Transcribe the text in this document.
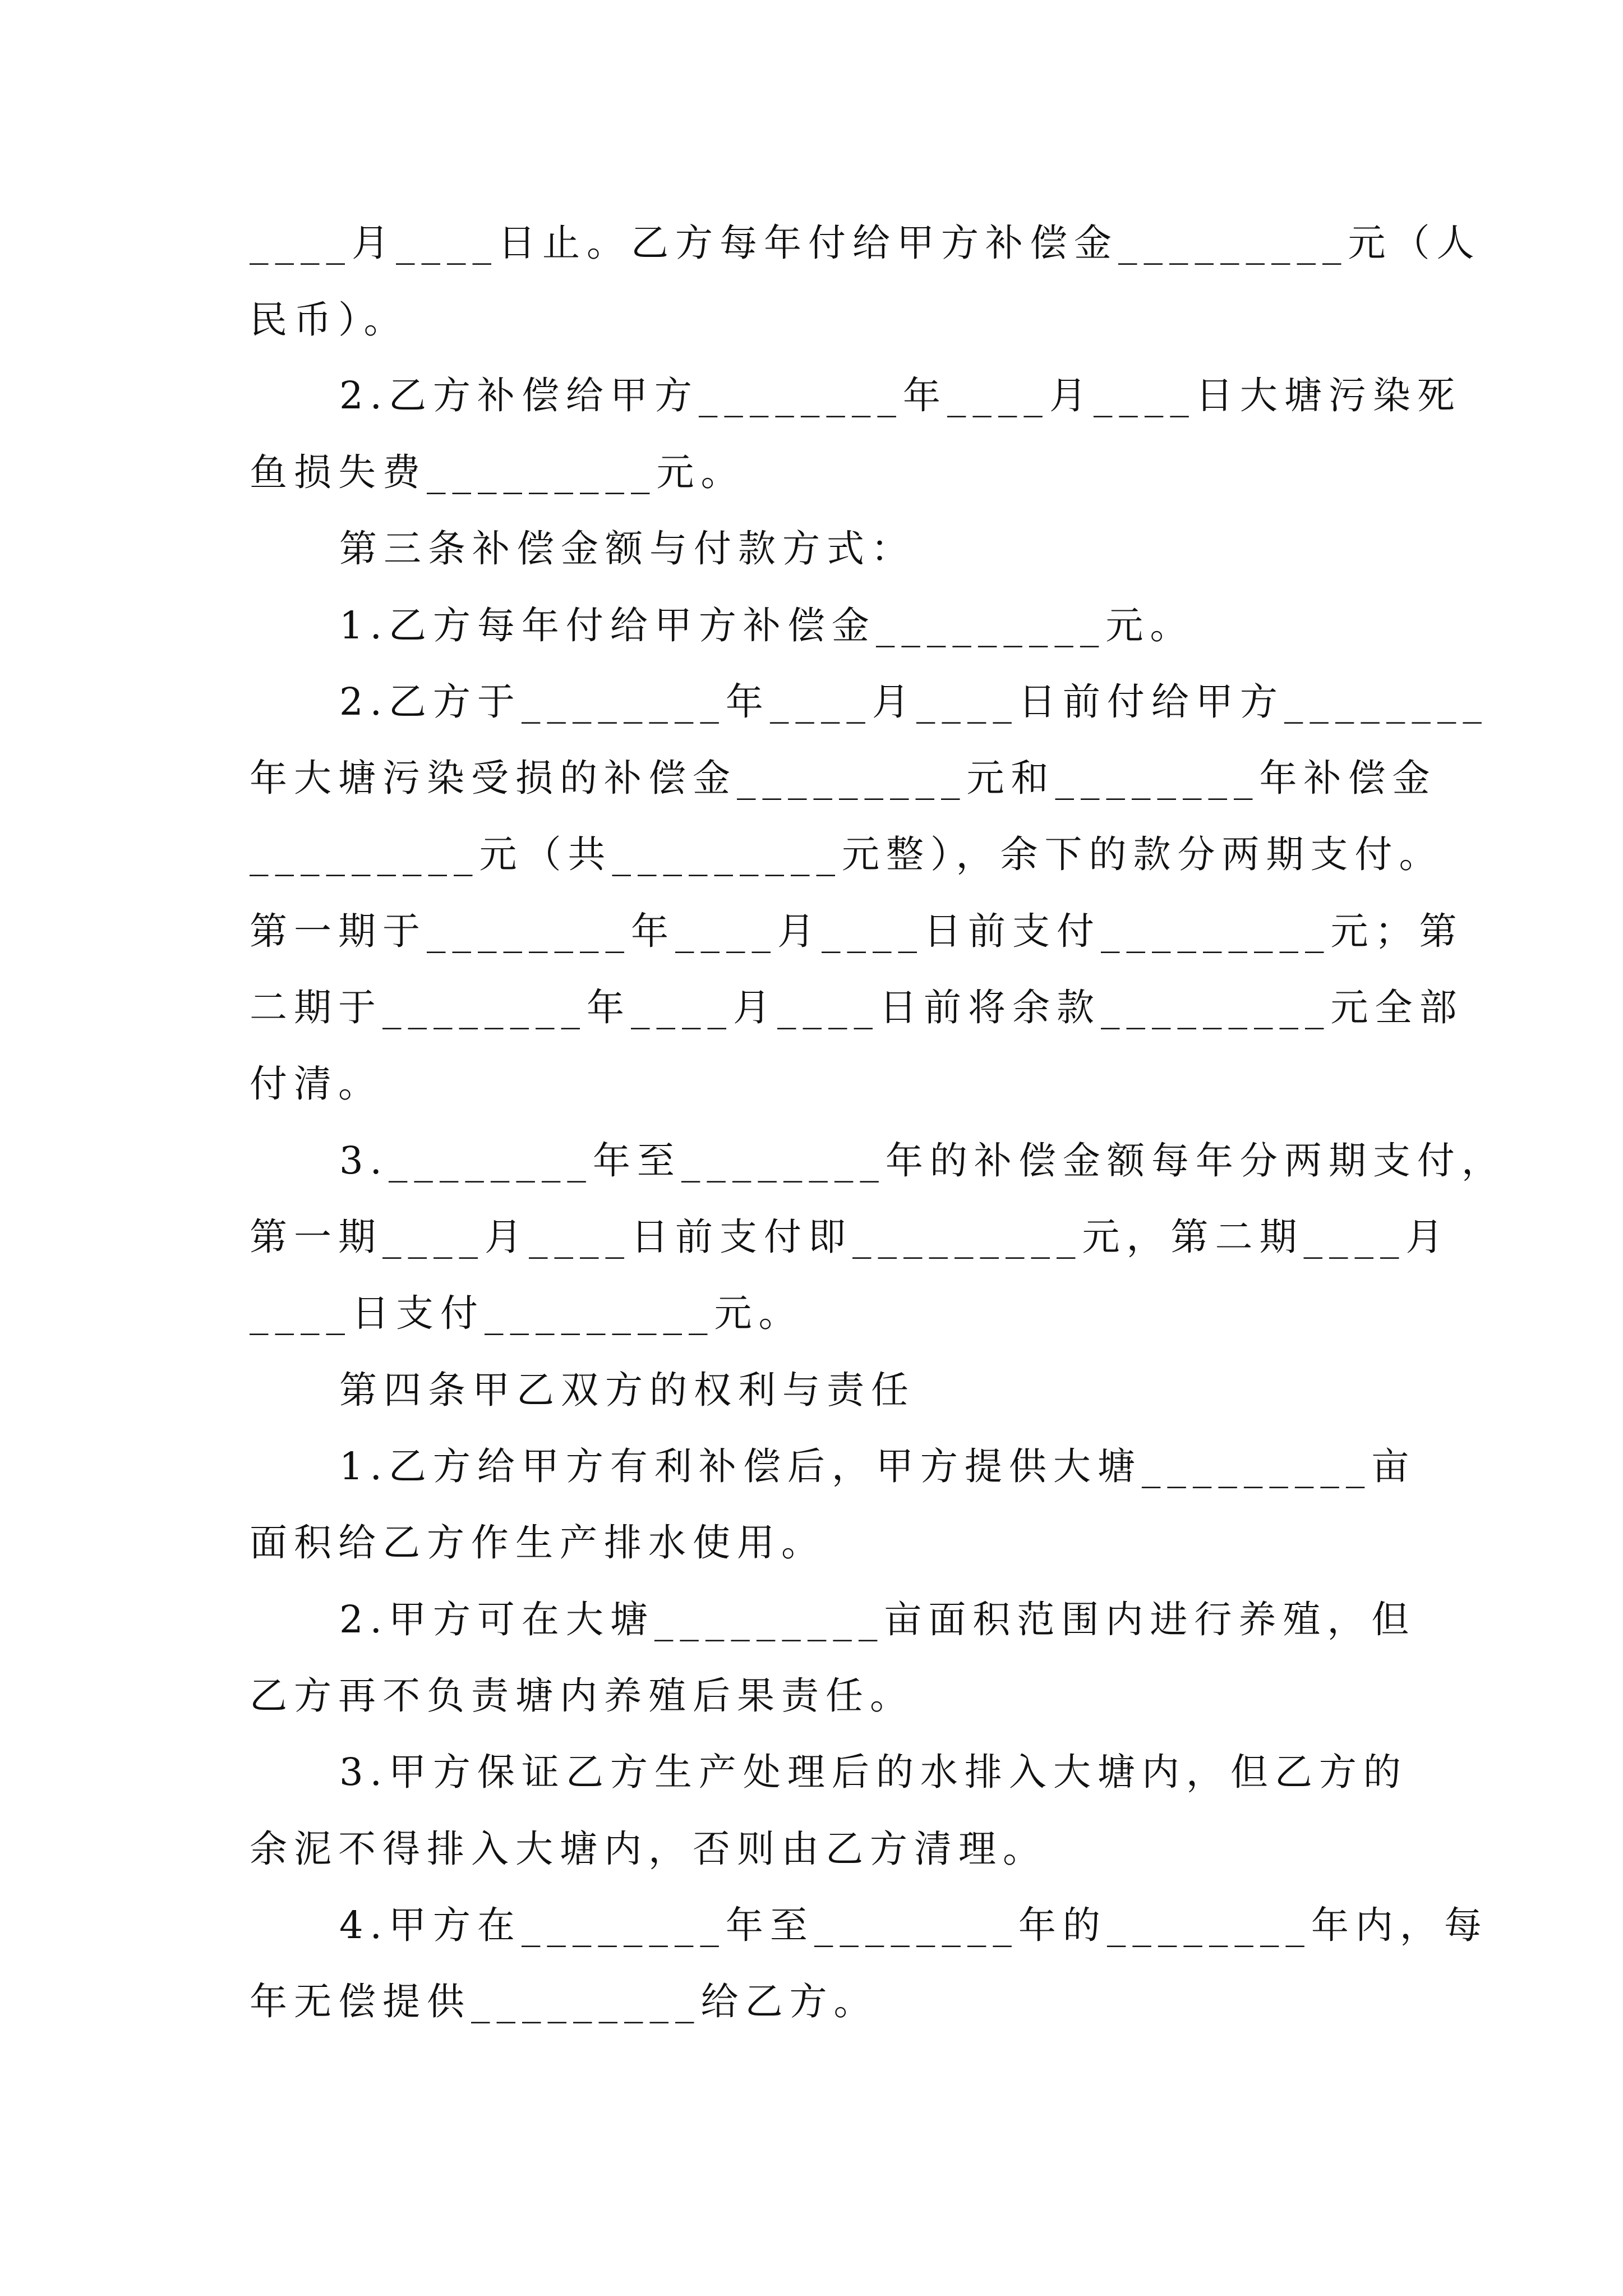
____月____日止。乙方每年付给甲方补偿金_________元（人
民币）。
2.乙方补偿给甲方________年____月____日大塘污染死
鱼损失费_________元。
第三条补偿金额与付款方式：
1.乙方每年付给甲方补偿金_________元。
2.乙方于________年____月____日前付给甲方________
年大塘污染受损的补偿金_________元和________年补偿金
_________元（共_________元整），余下的款分两期支付。
第一期于________年____月____日前支付_________元；第
二期于________年____月____日前将余款_________元全部
付清。
3.________年至________年的补偿金额每年分两期支付，
第一期____月____日前支付即_________元，第二期____月
____日支付_________元。
第四条甲乙双方的权利与责任
1.乙方给甲方有利补偿后，甲方提供大塘_________亩
面积给乙方作生产排水使用。
2.甲方可在大塘_________亩面积范围内进行养殖，但
乙方再不负责塘内养殖后果责任。
3.甲方保证乙方生产处理后的水排入大塘内，但乙方的
余泥不得排入大塘内，否则由乙方清理。
4.甲方在________年至________年的________年内，每
年无偿提供_________给乙方。
